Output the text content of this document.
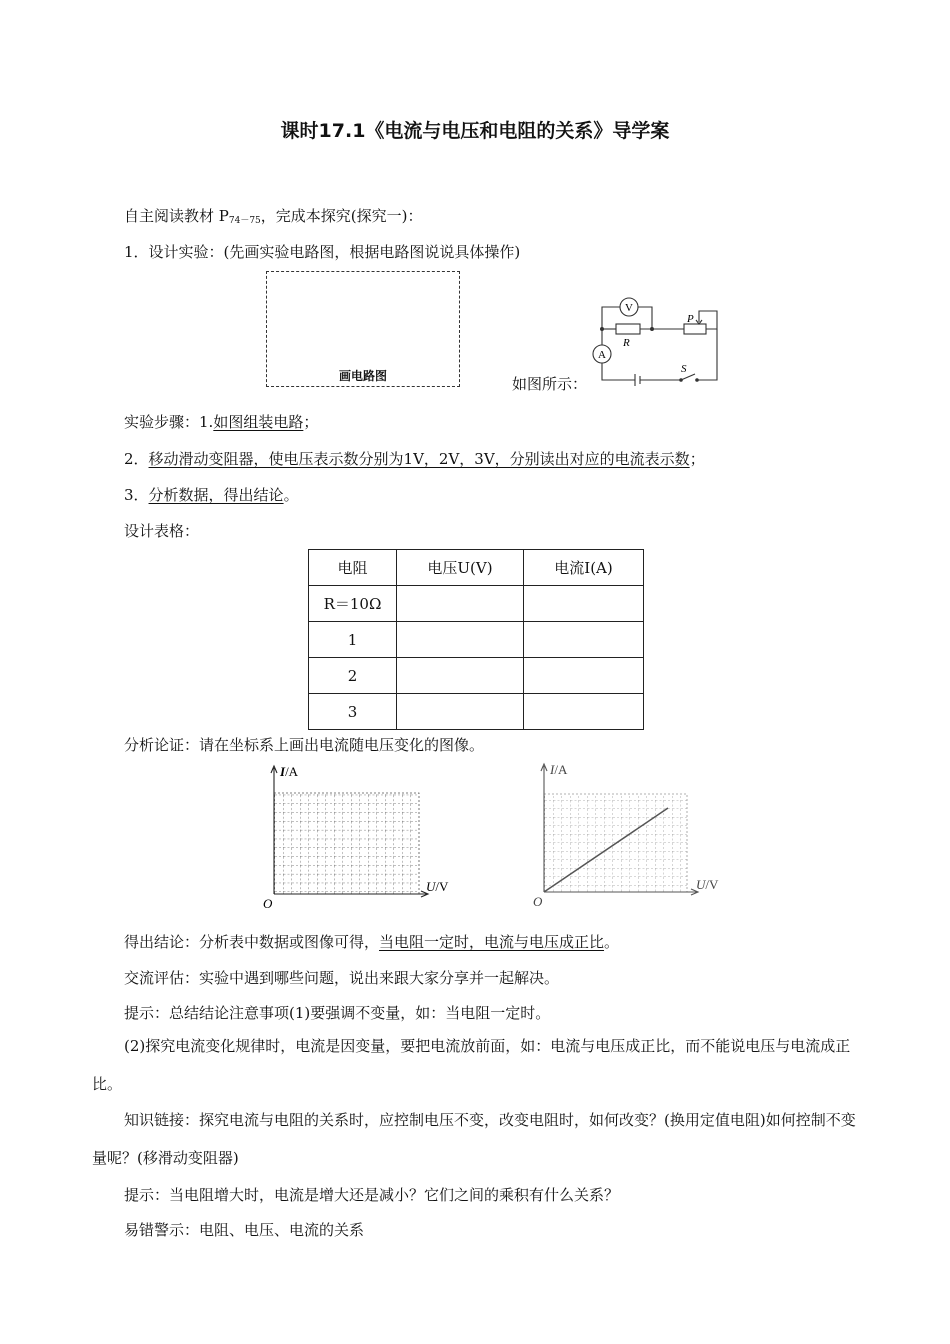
课时17.1《电流与电压和电阻的关系》导学案
自主阅读教材 $P_{74-75}$，完成本探究(探究一)：
1．设计实验：(先画实验电路图，根据电路图说说具体操作)
画电路图	如图所示：
V
A
R
P
S
实验步骤：1.如图组装电路；
2．移动滑动变阻器，使电压表示数分别为1V，2V，3V，分别读出对应的电流表示数；
3．分析数据，得出结论。
设计表格：
电阻	电压U(V)	电流I(A)
R＝10Ω		
1		
2		
3		
分析论证：请在坐标系上画出电流随电压变化的图像。
I/A
U/V
O
I/A
U/V
O
得出结论：分析表中数据或图像可得，当电阻一定时，电流与电压成正比。
交流评估：实验中遇到哪些问题，说出来跟大家分享并一起解决。
提示：总结结论注意事项(1)要强调不变量，如：当电阻一定时。
(2)探究电流变化规律时，电流是因变量，要把电流放前面，如：电流与电压成正比，而不能说电压与电流成正比。
知识链接：探究电流与电阻的关系时，应控制电压不变，改变电阻时，如何改变？(换用定值电阻)如何控制不变量呢？(移滑动变阻器)
提示：当电阻增大时，电流是增大还是减小？它们之间的乘积有什么关系？
易错警示：电阻、电压、电流的关系
